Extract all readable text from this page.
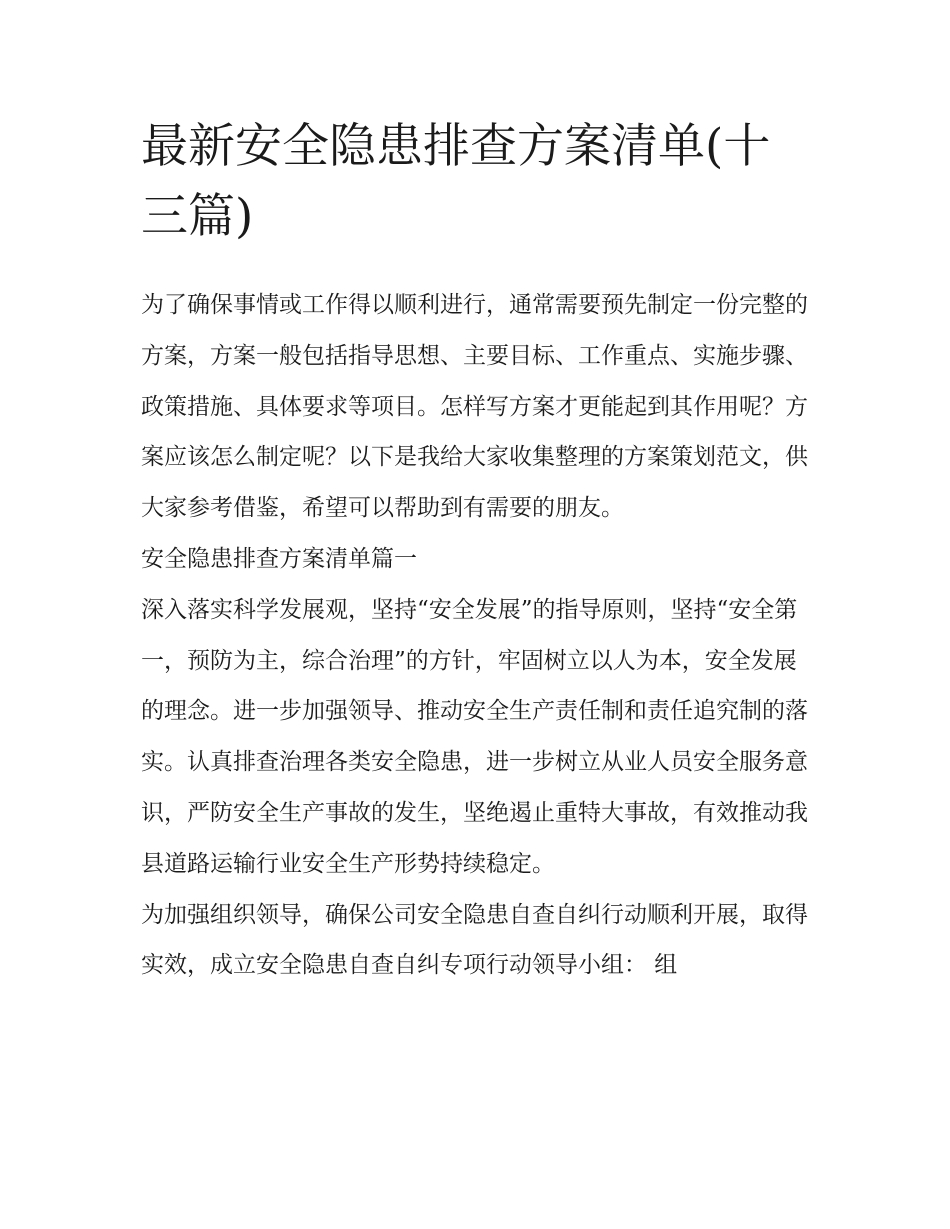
最新安全隐患排查方案清单(十三篇)

为了确保事情或工作得以顺利进行，通常需要预先制定一份完整的方案，方案一般包括指导思想、主要目标、工作重点、实施步骤、政策措施、具体要求等项目。怎样写方案才更能起到其作用呢？方案应该怎么制定呢？以下是我给大家收集整理的方案策划范文，供大家参考借鉴，希望可以帮助到有需要的朋友。

安全隐患排查方案清单篇一

深入落实科学发展观，坚持“安全发展”的指导原则，坚持“安全第一，预防为主，综合治理”的方针，牢固树立以人为本，安全发展的理念。进一步加强领导、推动安全生产责任制和责任追究制的落实。认真排查治理各类安全隐患，进一步树立从业人员安全服务意识，严防安全生产事故的发生，坚绝遏止重特大事故，有效推动我县道路运输行业安全生产形势持续稳定。

为加强组织领导，确保公司安全隐患自查自纠行动顺利开展，取得实效，成立安全隐患自查自纠专项行动领导小组： 组
